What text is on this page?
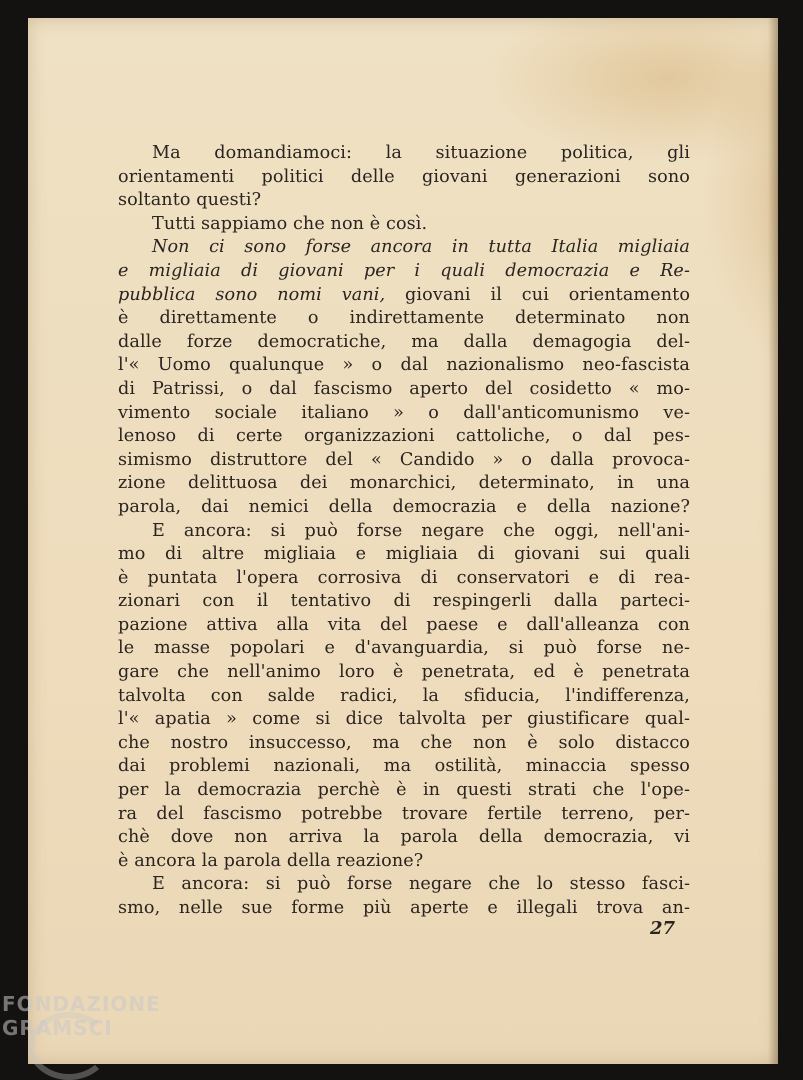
Ma domandiamoci: la situazione politica, gli
orientamenti politici delle giovani generazioni sono
soltanto questi?
Tutti sappiamo che non è così.
Non ci sono forse ancora in tutta Italia migliaia
e migliaia di giovani per i quali democrazia e Re-
pubblica sono nomi vani, giovani il cui orientamento
è direttamente o indirettamente determinato non
dalle forze democratiche, ma dalla demagogia del-
l'« Uomo qualunque » o dal nazionalismo neo-fascista
di Patrissi, o dal fascismo aperto del cosidetto « mo-
vimento sociale italiano » o dall'anticomunismo ve-
lenoso di certe organizzazioni cattoliche, o dal pes-
simismo distruttore del « Candido » o dalla provoca-
zione delittuosa dei monarchici, determinato, in una
parola, dai nemici della democrazia e della nazione?
E ancora: si può forse negare che oggi, nell'ani-
mo di altre migliaia e migliaia di giovani sui quali
è puntata l'opera corrosiva di conservatori e di rea-
zionari con il tentativo di respingerli dalla parteci-
pazione attiva alla vita del paese e dall'alleanza con
le masse popolari e d'avanguardia, si può forse ne-
gare che nell'animo loro è penetrata, ed è penetrata
talvolta con salde radici, la sfiducia, l'indifferenza,
l'« apatia » come si dice talvolta per giustificare qual-
che nostro insuccesso, ma che non è solo distacco
dai problemi nazionali, ma ostilità, minaccia spesso
per la democrazia perchè è in questi strati che l'ope-
ra del fascismo potrebbe trovare fertile terreno, per-
chè dove non arriva la parola della democrazia, vi
è ancora la parola della reazione?
E ancora: si può forse negare che lo stesso fasci-
smo, nelle sue forme più aperte e illegali trova an-
27
FONDAZIONE GRAMSCI
